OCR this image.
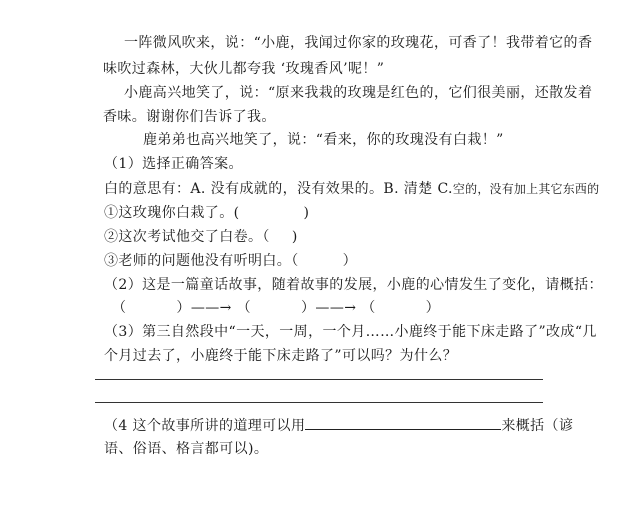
一阵微风吹来，说：“小鹿，我闻过你家的玫瑰花，可香了！我带着它的香
味吹过森林，大伙儿都夸我 ‘玫瑰香风’呢！”
小鹿高兴地笑了，说：“原来我栽的玫瑰是红色的，它们很美丽，还散发着
香味。谢谢你们告诉了我。
鹿弟弟也高兴地笑了，说：“看来，你的玫瑰没有白栽！”
（1）选择正确答案。
白的意思有：A. 没有成就的，没有效果的。B. 清楚 C.空的，没有加上其它东西的
①这玫瑰你白栽了。(	)
②这次考试他交了白卷。（ )
③老师的问题他没有听明白。（	）
（2）这是一篇童话故事，随着故事的发展，小鹿的心情发生了变化，请概括：
（	）——→ （	）——→ （	）
（3）第三自然段中“一天，一周，一个月……小鹿终于能下床走路了”改成“几
个月过去了，小鹿终于能下床走路了”可以吗？为什么？
（4 这个故事所讲的道理可以用	来概括（谚
语、俗语、格言都可以)。
